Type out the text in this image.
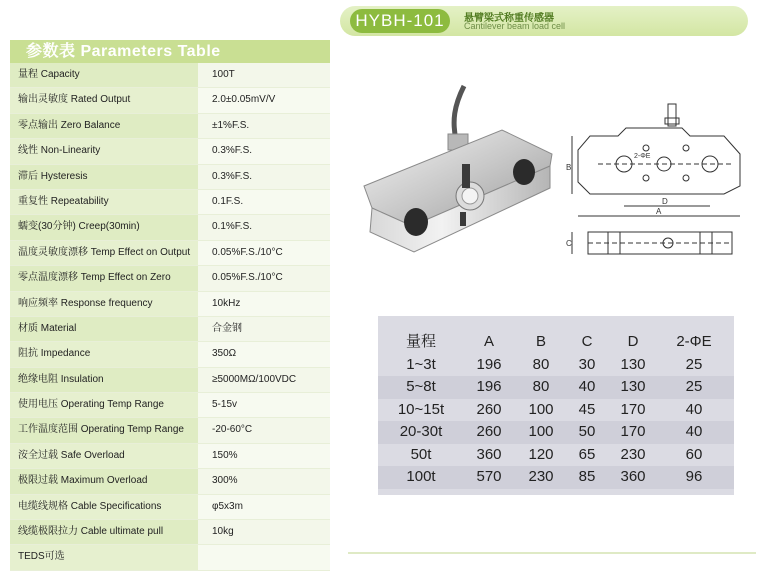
HYBH-101	悬臂梁式称重传感器
Cantilever beam load cell
参数表 Parameters Table
量程 Capacity	100T
输出灵敏度 Rated Output	2.0±0.05mV/V
零点输出 Zero Balance	±1%F.S.
线性 Non-Linearity	0.3%F.S.
滞后 Hysteresis	0.3%F.S.
重复性 Repeatability	0.1F.S.
蠕变(30分钟) Creep(30min)	0.1%F.S.
温度灵敏度漂移 Temp Effect on Output	0.05%F.S./10°C
零点温度漂移 Temp Effect on Zero	0.05%F.S./10°C
响应频率 Response frequency	10kHz
材质 Material	合金钢
阻抗 Impedance	350Ω
绝缘电阻 Insulation	≥5000MΩ/100VDC
使用电压 Operating Temp Range	5-15v
工作温度范围 Operating Temp Range	-20-60°C
洝全过载 Safe Overload	150%
极限过载 Maximum Overload	300%
电缆线规格 Cable Specifications	φ5x3m
线缆极限拉力 Cable ultimate pull	10kg
TEDS可选
B
2-ΦE
D
A
C
量程	A	B	C	D	2-ΦE
1~3t	196	80	30	130	25
5~8t	196	80	40	130	25
10~15t	260	100	45	170	40
20-30t	260	100	50	170	40
50t	360	120	65	230	60
100t	570	230	85	360	96
